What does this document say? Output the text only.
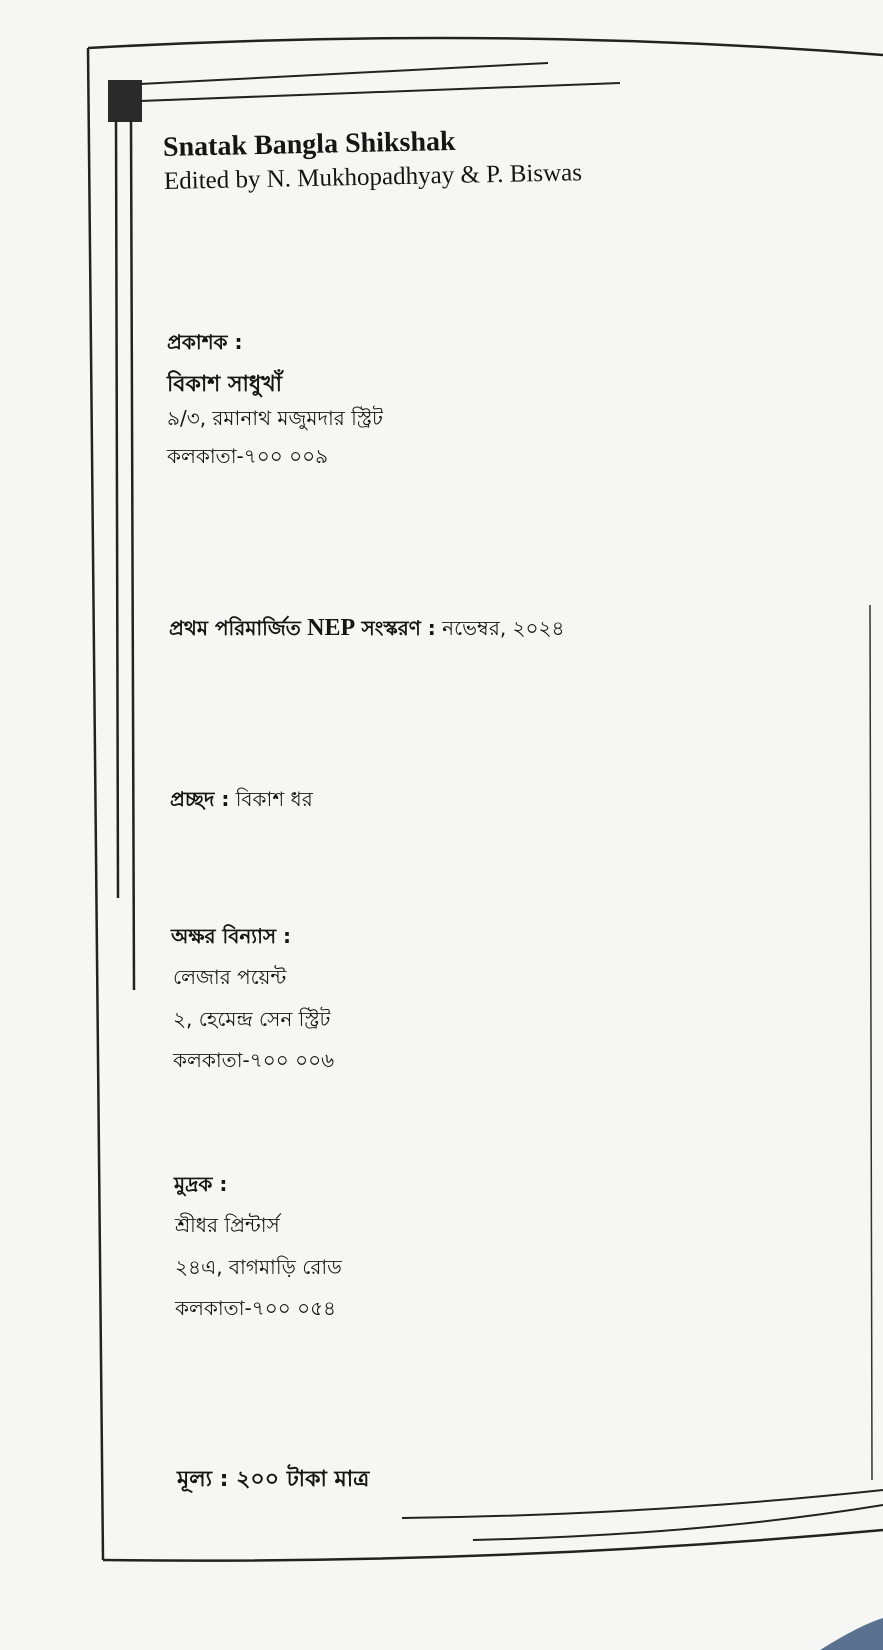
Snatak Bangla Shikshak
Edited by N. Mukhopadhyay & P. Biswas
প্রকাশক :
বিকাশ সাধুখাঁ
৯/৩, রমানাথ মজুমদার স্ট্রিট
কলকাতা-৭০০ ০০৯
প্রথম পরিমার্জিত NEP সংস্করণ : নভেম্বর, ২০২৪
প্রচ্ছদ : বিকাশ ধর
অক্ষর বিন্যাস :
লেজার পয়েন্ট
২, হেমেন্দ্র সেন স্ট্রিট
কলকাতা-৭০০ ০০৬
মুদ্রক :
শ্রীধর প্রিন্টার্স
২৪এ, বাগমাড়ি রোড
কলকাতা-৭০০ ০৫৪
মূল্য : ২০০ টাকা মাত্র
